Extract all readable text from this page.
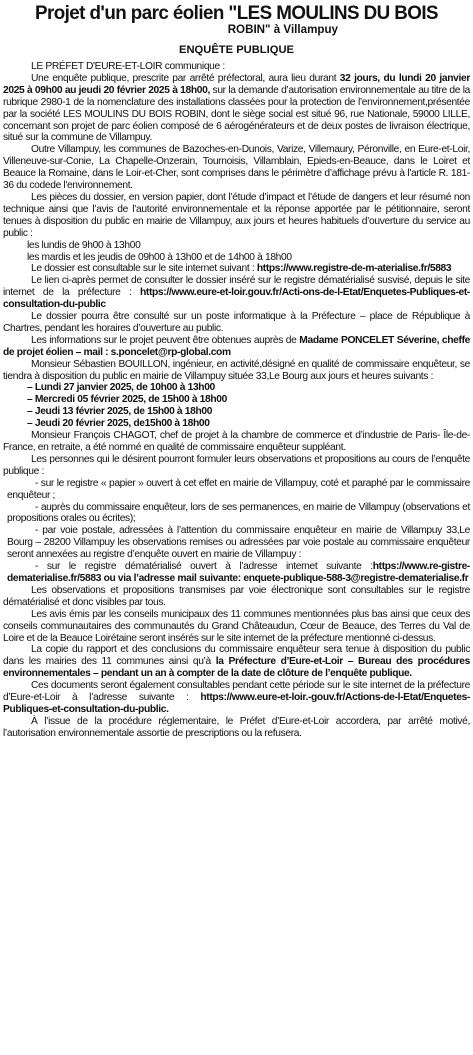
Projet d'un parc éolien "LES MOULINS DU BOIS
ROBIN" à Villampuy
ENQUÊTE PUBLIQUE

LE PRÉFET D'EURE-ET-LOIR communique :

Une enquête publique, prescrite par arrêté préfectoral, aura lieu durant 32 jours, du lundi 20 janvier 2025 à 09h00 au jeudi 20 février 2025 à 18h00, sur la demande d’autorisation environnementale au titre de la rubrique 2980-1 de la nomenclature des installations classées pour la protection de l’environnement,présentée par la société LES MOULINS DU BOIS ROBIN, dont le siège social est situé 96, rue Nationale, 59000 LILLE, concernant son projet de parc éolien composé de 6 aérogénérateurs et de deux postes de livraison électrique, situé sur la commune de Villampuy.

Outre Villampuy, les communes de Bazoches-en-Dunois, Varize, Villemaury, Péronville, en Eure-et-Loir, Villeneuve-sur-Conie, La Chapelle-Onzerain, Tournoisis, Villamblain, Epieds-en-Beauce, dans le Loiret et Beauce la Romaine, dans le Loir-et-Cher, sont comprises dans le périmètre d’affichage prévu à l'article R. 181-36 du codede l'environnement.

Les pièces du dossier, en version papier, dont l’étude d’impact et l’étude de dangers et leur résumé non technique ainsi que l’avis de l’autorité environnementale et la réponse apportée par le pétitionnaire, seront tenues à disposition du public en mairie de Villampuy, aux jours et heures habituels d’ouverture du service au public :

les lundis de 9h00 à 13h00

les mardis et les jeudis de 09h00 à 13h00 et de 14h00 à 18h00

Le dossier est consultable sur le site internet suivant : https://www.registre-de-m-aterialise.fr/5883

Le lien ci-après permet de consulter le dossier inséré sur le registre dématérialisé susvisé, depuis le site internet de la préfecture : https://www.eure-et-loir.gouv.fr/Acti-ons-de-l-Etat/Enquetes-Publiques-et-consultation-du-public

Le dossier pourra être consulté sur un poste informatique à la Préfecture – place de République à Chartres, pendant les horaires d’ouverture au public.

Les informations sur le projet peuvent être obtenues auprès de Madame PONCELET Séverine, cheffe de projet éolien – mail : s.poncelet@rp-global.com

Monsieur Sébastien BOUILLON, ingénieur, en activité,désigné en qualité de commissaire enquêteur, se tiendra à disposition du public en mairie de Villampuy située 33,Le Bourg aux jours et heures suivants :

– Lundi 27 janvier 2025, de 10h00 à 13h00

– Mercredi 05 février 2025, de 15h00 à 18h00

– Jeudi 13 février 2025, de 15h00 à 18h00

– Jeudi 20 février 2025, de15h00 à 18h00

Monsieur François CHAGOT, chef de projet à la chambre de commerce et d’industrie de Paris- Île-de-France, en retraite, a été nommé en qualité de commissaire enquêteur suppléant.

Les personnes qui le désirent pourront formuler leurs observations et propositions au cours de l’enquête publique :

- sur le registre « papier » ouvert à cet effet en mairie de Villampuy, coté et paraphé par le commissaire enquêteur ;

- auprès du commissaire enquêteur, lors de ses permanences, en mairie de Villampuy (observations et propositions orales ou écrites);

- par voie postale, adressées à l’attention du commissaire enquêteur en mairie de Villampuy 33,Le Bourg – 28200 Villampuy les observations remises ou adressées par voie postale au commissaire enquêteur seront annexées au registre d’enquête ouvert en mairie de Villampuy :

- sur le registre dématérialisé ouvert à l’adresse internet suivante :https://www.re-gistre-dematerialise.fr/5883 ou via l’adresse mail suivante: enquete-publique-588-3@registre-dematerialise.fr

Les observations et propositions transmises par voie électronique sont consultables sur le registre dématérialisé et donc visibles par tous.

Les avis émis par les conseils municipaux des 11 communes mentionnées plus bas ainsi que ceux des conseils communautaires des communautés du Grand Châteaudun, Cœur de Beauce, des Terres du Val de Loire et de la Beauce Loirétaine seront insérés sur le site internet de la préfecture mentionné ci-dessus.

La copie du rapport et des conclusions du commissaire enquêteur sera tenue à disposition du public dans les mairies des 11 communes ainsi qu’à la Préfecture d’Eure-et-Loir – Bureau des procédures environnementales – pendant un an à compter de la date de clôture de l’enquête publique.

Ces documents seront également consultables pendant cette période sur le site internet de la préfecture d’Eure-et-Loir à l’adresse suivante : https://www.eure-et-loir.-gouv.fr/Actions-de-l-Etat/Enquetes-Publiques-et-consultation-du-public.

À l’issue de la procédure réglementaire, le Préfet d’Eure-et-Loir accordera, par arrêté motivé, l’autorisation environnementale assortie de prescriptions ou la refusera.
